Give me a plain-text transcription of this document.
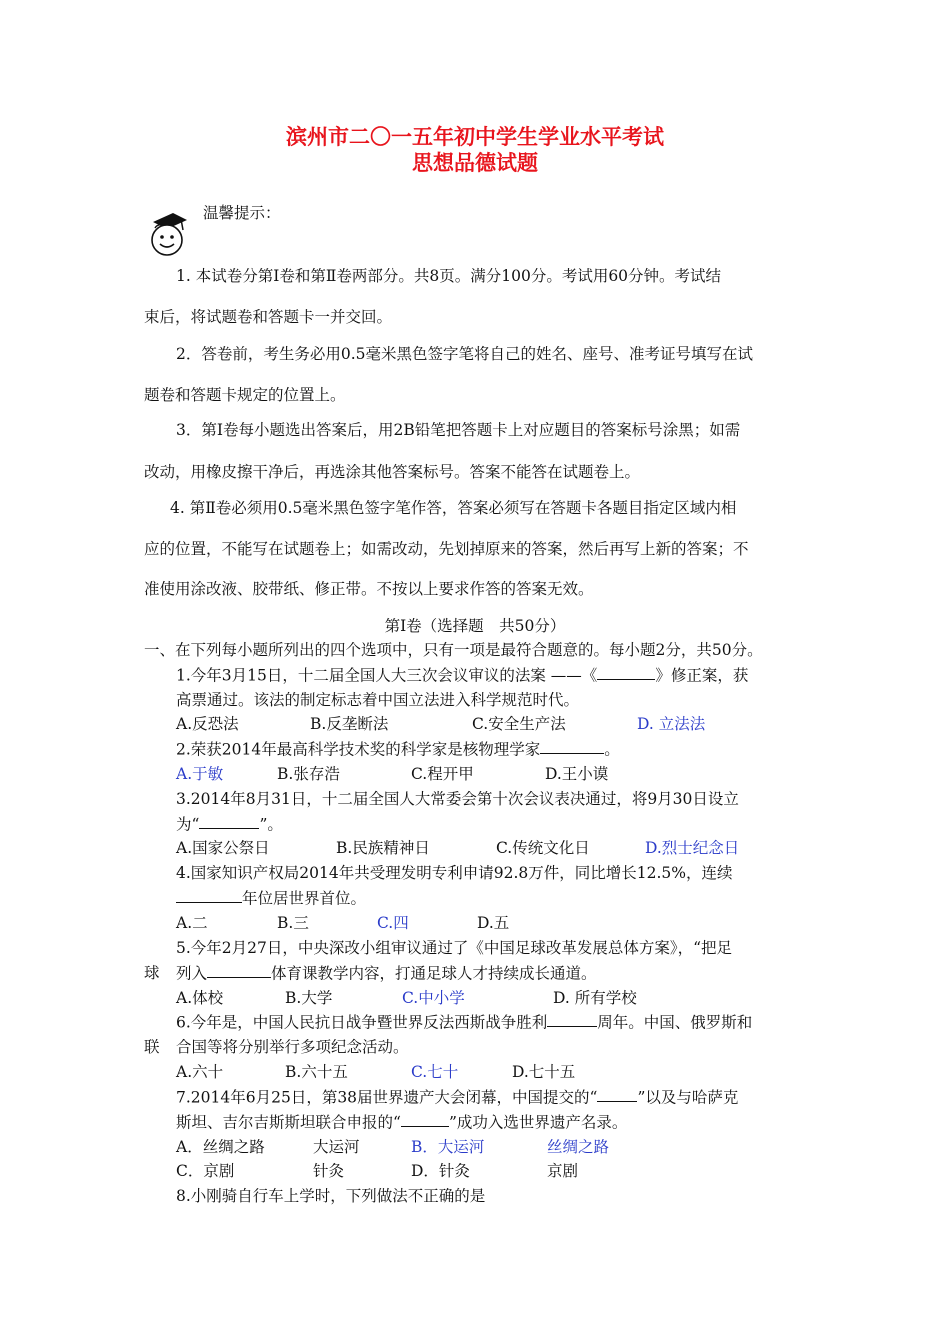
滨州市二〇一五年初中学生学业水平考试
思想品德试题
温馨提示：
1. 本试卷分第Ⅰ卷和第Ⅱ卷两部分。共8页。满分100分。考试用60分钟。考试结
束后，将试题卷和答题卡一并交回。
2．答卷前，考生务必用0.5毫米黑色签字笔将自己的姓名、座号、准考证号填写在试
题卷和答题卡规定的位置上。
3．第Ⅰ卷每小题选出答案后，用2B铅笔把答题卡上对应题目的答案标号涂黑；如需
改动，用橡皮擦干净后，再选涂其他答案标号。答案不能答在试题卷上。
4. 第Ⅱ卷必须用0.5毫米黑色签字笔作答，答案必须写在答题卡各题目指定区域内相
应的位置，不能写在试题卷上；如需改动，先划掉原来的答案，然后再写上新的答案；不
准使用涂改液、胶带纸、修正带。不按以上要求作答的答案无效。
第Ⅰ卷（选择题　共50分）
一、在下列每小题所列出的四个选项中，只有一项是最符合题意的。每小题2分，共50分。
1.今年3月15日，十二届全国人大三次会议审议的法案 ——《	》修正案，获
高票通过。该法的制定标志着中国立法进入科学规范时代。
A.反恐法	B.反垄断法	C.安全生产法	D. 立法法
2.荣获2014年最高科学技术奖的科学家是核物理学家	。
A.于敏	B.张存浩	C.程开甲	D.王小谟
3.2014年8月31日，十二届全国人大常委会第十次会议表决通过，将9月30日设立
为“	”。
A.国家公祭日	B.民族精神日	C.传统文化日	D.烈士纪念日
4.国家知识产权局2014年共受理发明专利申请92.8万件，同比增长12.5%，连续
年位居世界首位。
A.二	B.三	C.四	D.五
5.今年2月27日，中央深改小组审议通过了《中国足球改革发展总体方案》，“把足
球 列入	体育课教学内容，打通足球人才持续成长通道。
A.体校	B.大学	C.中小学	D. 所有学校
6.今年是，中国人民抗日战争暨世界反法西斯战争胜利	周年。中国、俄罗斯和
联 合国等将分别举行多项纪念活动。
A.六十	B.六十五	C.七十	D.七十五
7.2014年6月25日，第38届世界遗产大会闭幕，中国提交的“	”以及与哈萨克
斯坦、吉尔吉斯斯坦联合申报的“	”成功入选世界遗产名录。
A．丝绸之路	大运河	B．大运河	丝绸之路
C．京剧	针灸	D．针灸	京剧
8.小刚骑自行车上学时，下列做法不正确的是
